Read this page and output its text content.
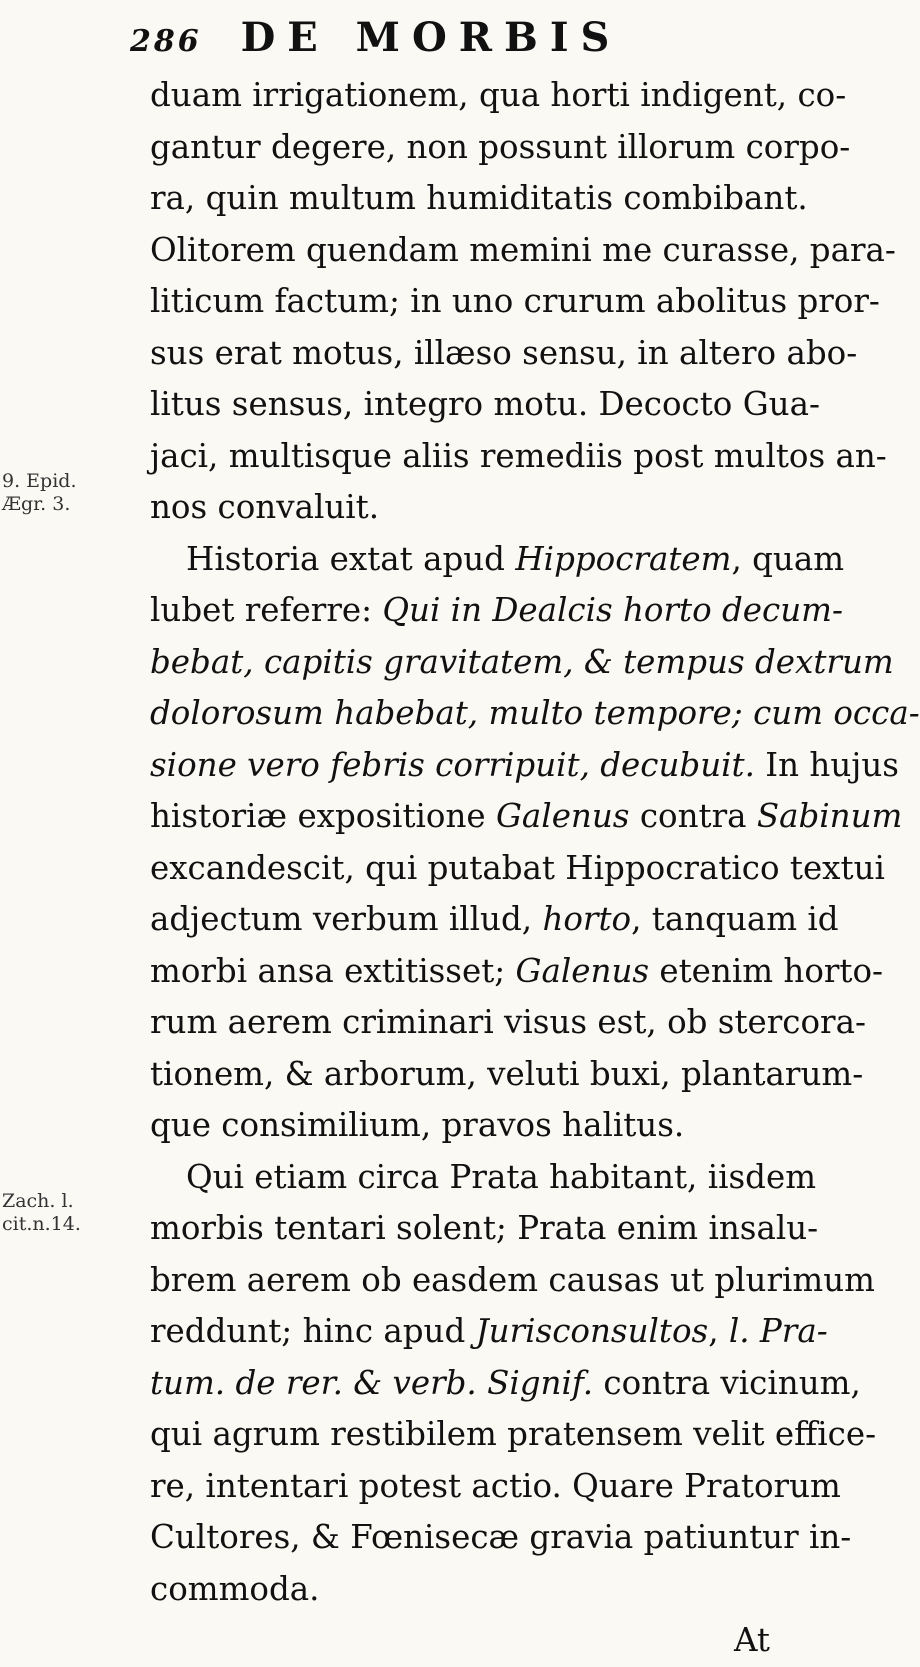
286 DE MORBIS
9. Epid.
Ægr. 3.
Zach. l.
cit.n.14.
duam irrigationem, qua horti indigent, co-
gantur degere, non possunt illorum corpo-
ra, quin multum humiditatis combibant.
Olitorem quendam memini me curasse, para-
liticum factum; in uno crurum abolitus pror-
sus erat motus, illæso sensu, in altero abo-
litus sensus, integro motu. Decocto Gua-
jaci, multisque aliis remediis post multos an-
nos convaluit.
Historia extat apud Hippocratem, quam
lubet referre: Qui in Dealcis horto decum-
bebat, capitis gravitatem, & tempus dextrum
dolorosum habebat, multo tempore; cum occa-
sione vero febris corripuit, decubuit. In hujus
historiæ expositione Galenus contra Sabinum
excandescit, qui putabat Hippocratico textui
adjectum verbum illud, horto, tanquam id
morbi ansa extitisset; Galenus etenim horto-
rum aerem criminari visus est, ob stercora-
tionem, & arborum, veluti buxi, plantarum-
que consimilium, pravos halitus.
Qui etiam circa Prata habitant, iisdem
morbis tentari solent; Prata enim insalu-
brem aerem ob easdem causas ut plurimum
reddunt; hinc apud Jurisconsultos, l. Pra-
tum. de rer. & verb. Signif. contra vicinum,
qui agrum restibilem pratensem velit effice-
re, intentari potest actio. Quare Pratorum
Cultores, & Fœnisecæ gravia patiuntur in-
commoda.
At
